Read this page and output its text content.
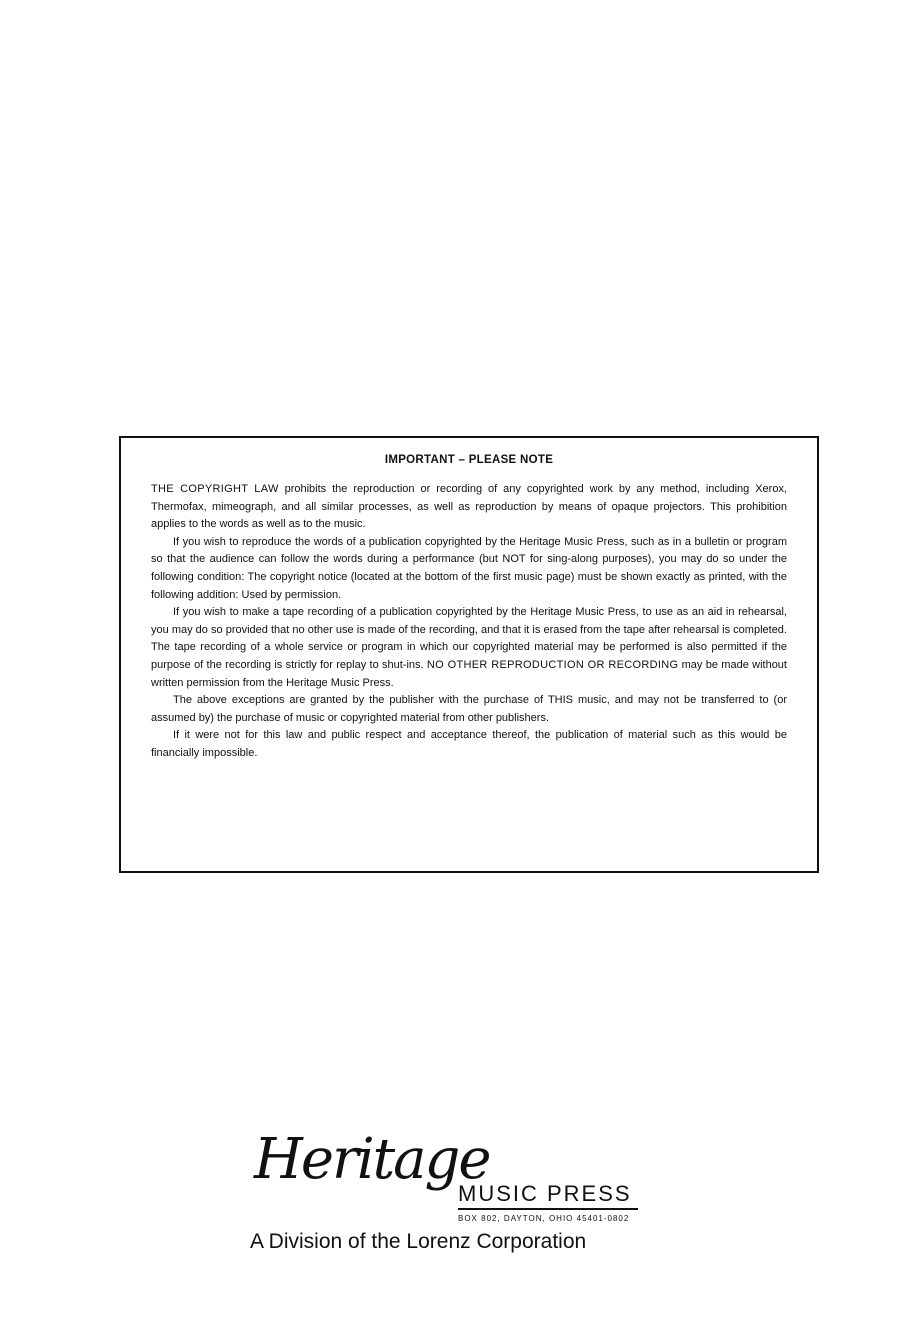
IMPORTANT – PLEASE NOTE

THE COPYRIGHT LAW prohibits the reproduction or recording of any copyrighted work by any method, including Xerox, Thermofax, mimeograph, and all similar processes, as well as reproduction by means of opaque projectors. This prohibition applies to the words as well as to the music.

If you wish to reproduce the words of a publication copyrighted by the Heritage Music Press, such as in a bulletin or program so that the audience can follow the words during a performance (but NOT for sing-along purposes), you may do so under the following condition: The copyright notice (located at the bottom of the first music page) must be shown exactly as printed, with the following addition: Used by permission.

If you wish to make a tape recording of a publication copyrighted by the Heritage Music Press, to use as an aid in rehearsal, you may do so provided that no other use is made of the recording, and that it is erased from the tape after rehearsal is completed. The tape recording of a whole service or program in which our copyrighted material may be performed is also permitted if the purpose of the recording is strictly for replay to shut-ins. NO OTHER REPRODUCTION OR RECORDING may be made without written permission from the Heritage Music Press.

The above exceptions are granted by the publisher with the purchase of THIS music, and may not be transferred to (or assumed by) the purchase of music or copyrighted material from other publishers.

If it were not for this law and public respect and acceptance thereof, the publication of material such as this would be financially impossible.

Heritage

MUSIC PRESS

BOX 802, DAYTON, OHIO 45401-0802

A Division of the Lorenz Corporation
